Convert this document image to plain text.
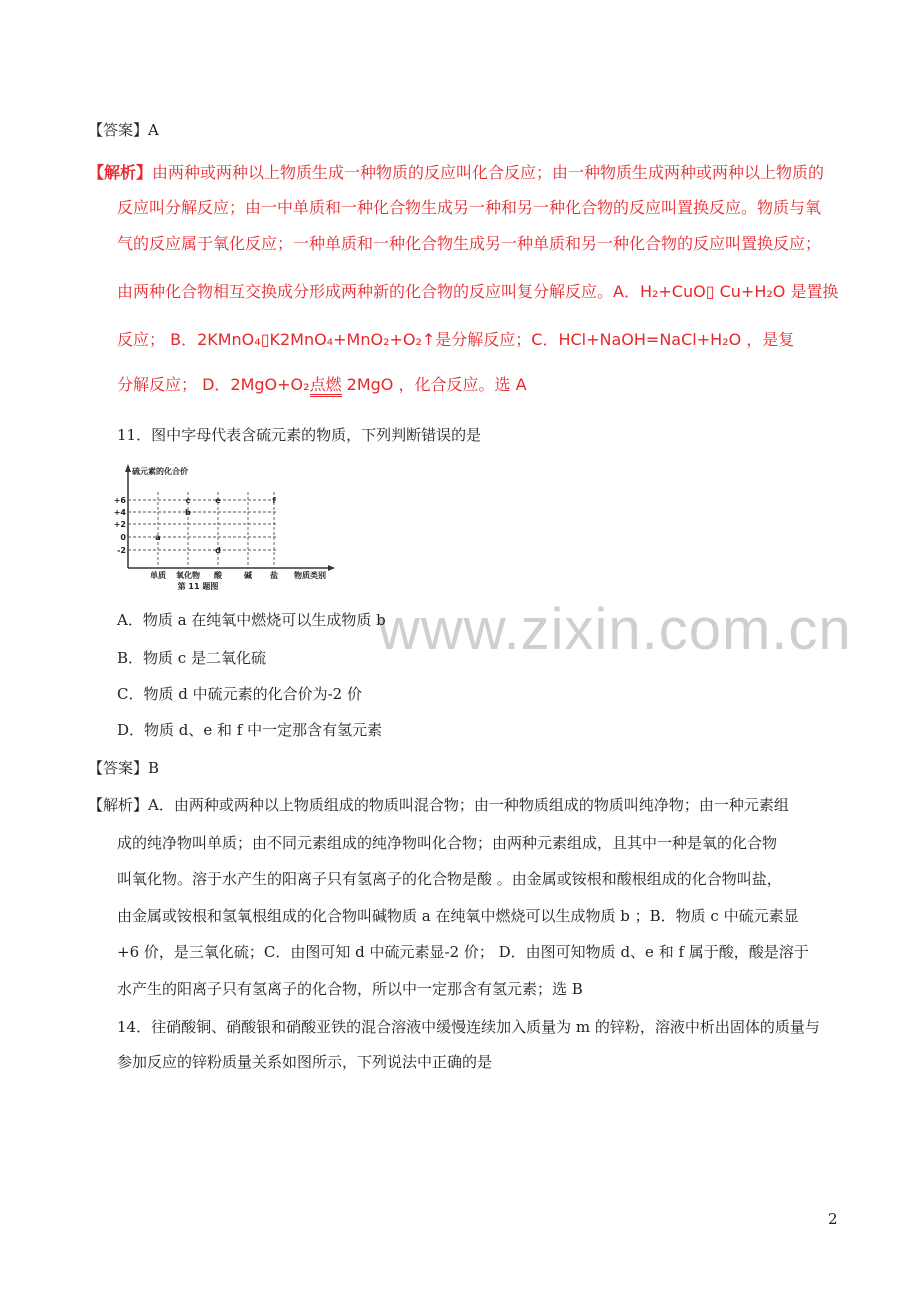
【答案】A
【解析】由两种或两种以上物质生成一种物质的反应叫化合反应；由一种物质生成两种或两种以上物质的
反应叫分解反应；由一中单质和一种化合物生成另一种和另一种化合物的反应叫置换反应。物质与氧
气的反应属于氧化反应；一种单质和一种化合物生成另一种单质和另一种化合物的反应叫置换反应；
由两种化合物相互交换成分形成两种新的化合物的反应叫复分解反应。A．H₂+CuO▯ Cu+H₂O 是置换
反应； B．2KMnO₄▯K2MnO₄+MnO₂+O₂↑是分解反应；C．HCl+NaOH=NaCl+H₂O ，是复
分解反应； D．2MgO+O₂点燃 2MgO ，化合反应。选 A
11．图中字母代表含硫元素的物质，下列判断错误的是
硫元素的化合价
+6
+4
+2
0
-2
a
b
c
d
e	f
单质 氧化物 酸	碱 盐 物质类别
第 11 题图
www.zixin.com.cn
A．物质 a 在纯氧中燃烧可以生成物质 b
B．物质 c 是二氧化硫
C．物质 d 中硫元素的化合价为-2 价
D．物质 d、e 和 f 中一定那含有氢元素
【答案】B
【解析】A．由两种或两种以上物质组成的物质叫混合物；由一种物质组成的物质叫纯净物；由一种元素组
成的纯净物叫单质；由不同元素组成的纯净物叫化合物；由两种元素组成，且其中一种是氧的化合物
叫氧化物。溶于水产生的阳离子只有氢离子的化合物是酸 。由金属或铵根和酸根组成的化合物叫盐，
由金属或铵根和氢氧根组成的化合物叫碱物质 a 在纯氧中燃烧可以生成物质 b ；B．物质 c 中硫元素显
+6 价，是三氧化硫；C．由图可知 d 中硫元素显-2 价； D．由图可知物质 d、e 和 f 属于酸，酸是溶于
水产生的阳离子只有氢离子的化合物，所以中一定那含有氢元素；选 B
14．往硝酸铜、硝酸银和硝酸亚铁的混合溶液中缓慢连续加入质量为 m 的锌粉，溶液中析出固体的质量与
参加反应的锌粉质量关系如图所示，下列说法中正确的是
2
